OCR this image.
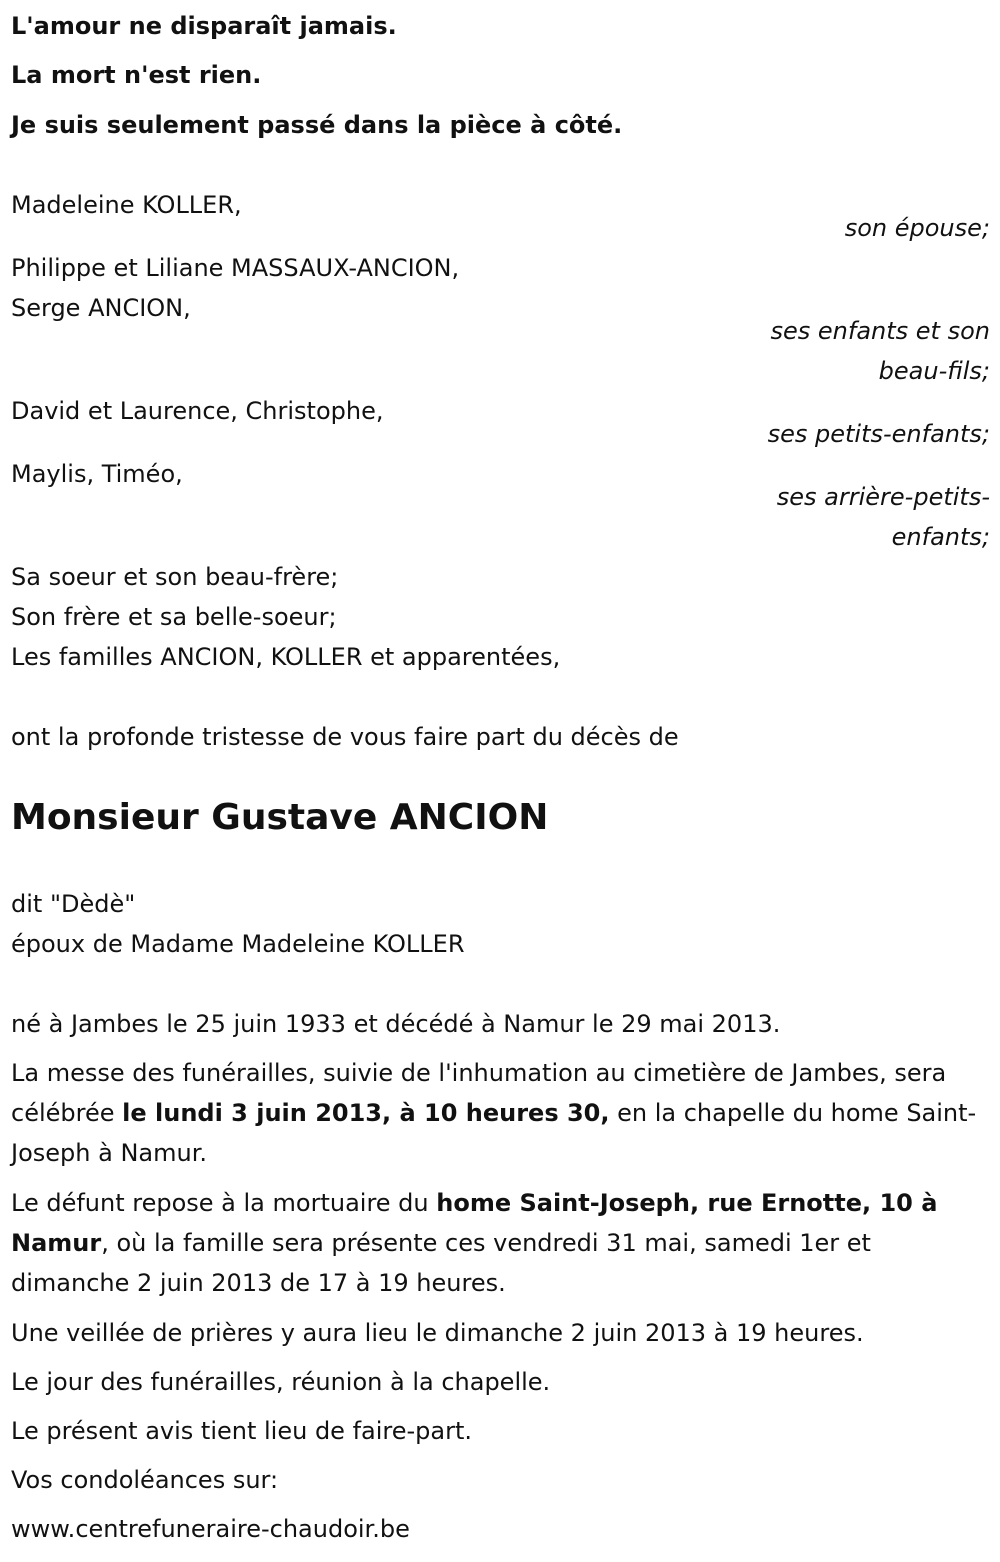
L'amour ne disparaît jamais.
La mort n'est rien.
Je suis seulement passé dans la pièce à côté.
Madeleine KOLLER,
son épouse;
Philippe et Liliane MASSAUX-ANCION,
Serge ANCION,
ses enfants et son
beau-fils;
David et Laurence, Christophe,
ses petits-enfants;
Maylis, Timéo,
ses arrière-petits-
enfants;
Sa soeur et son beau-frère;
Son frère et sa belle-soeur;
Les familles ANCION, KOLLER et apparentées,
ont la profonde tristesse de vous faire part du décès de
Monsieur Gustave ANCION
dit "Dèdè"
époux de Madame Madeleine KOLLER
né à Jambes le 25 juin 1933 et décédé à Namur le 29 mai 2013.
La messe des funérailles, suivie de l'inhumation au cimetière de Jambes, sera célébrée le lundi 3 juin 2013, à 10 heures 30, en la chapelle du home Saint-Joseph à Namur.
Le défunt repose à la mortuaire du home Saint-Joseph, rue Ernotte, 10 à Namur, où la famille sera présente ces vendredi 31 mai, samedi 1er et dimanche 2 juin 2013 de 17 à 19 heures.
Une veillée de prières y aura lieu le dimanche 2 juin 2013 à 19 heures.
Le jour des funérailles, réunion à la chapelle.
Le présent avis tient lieu de faire-part.
Vos condoléances sur:
www.centrefuneraire-chaudoir.be
